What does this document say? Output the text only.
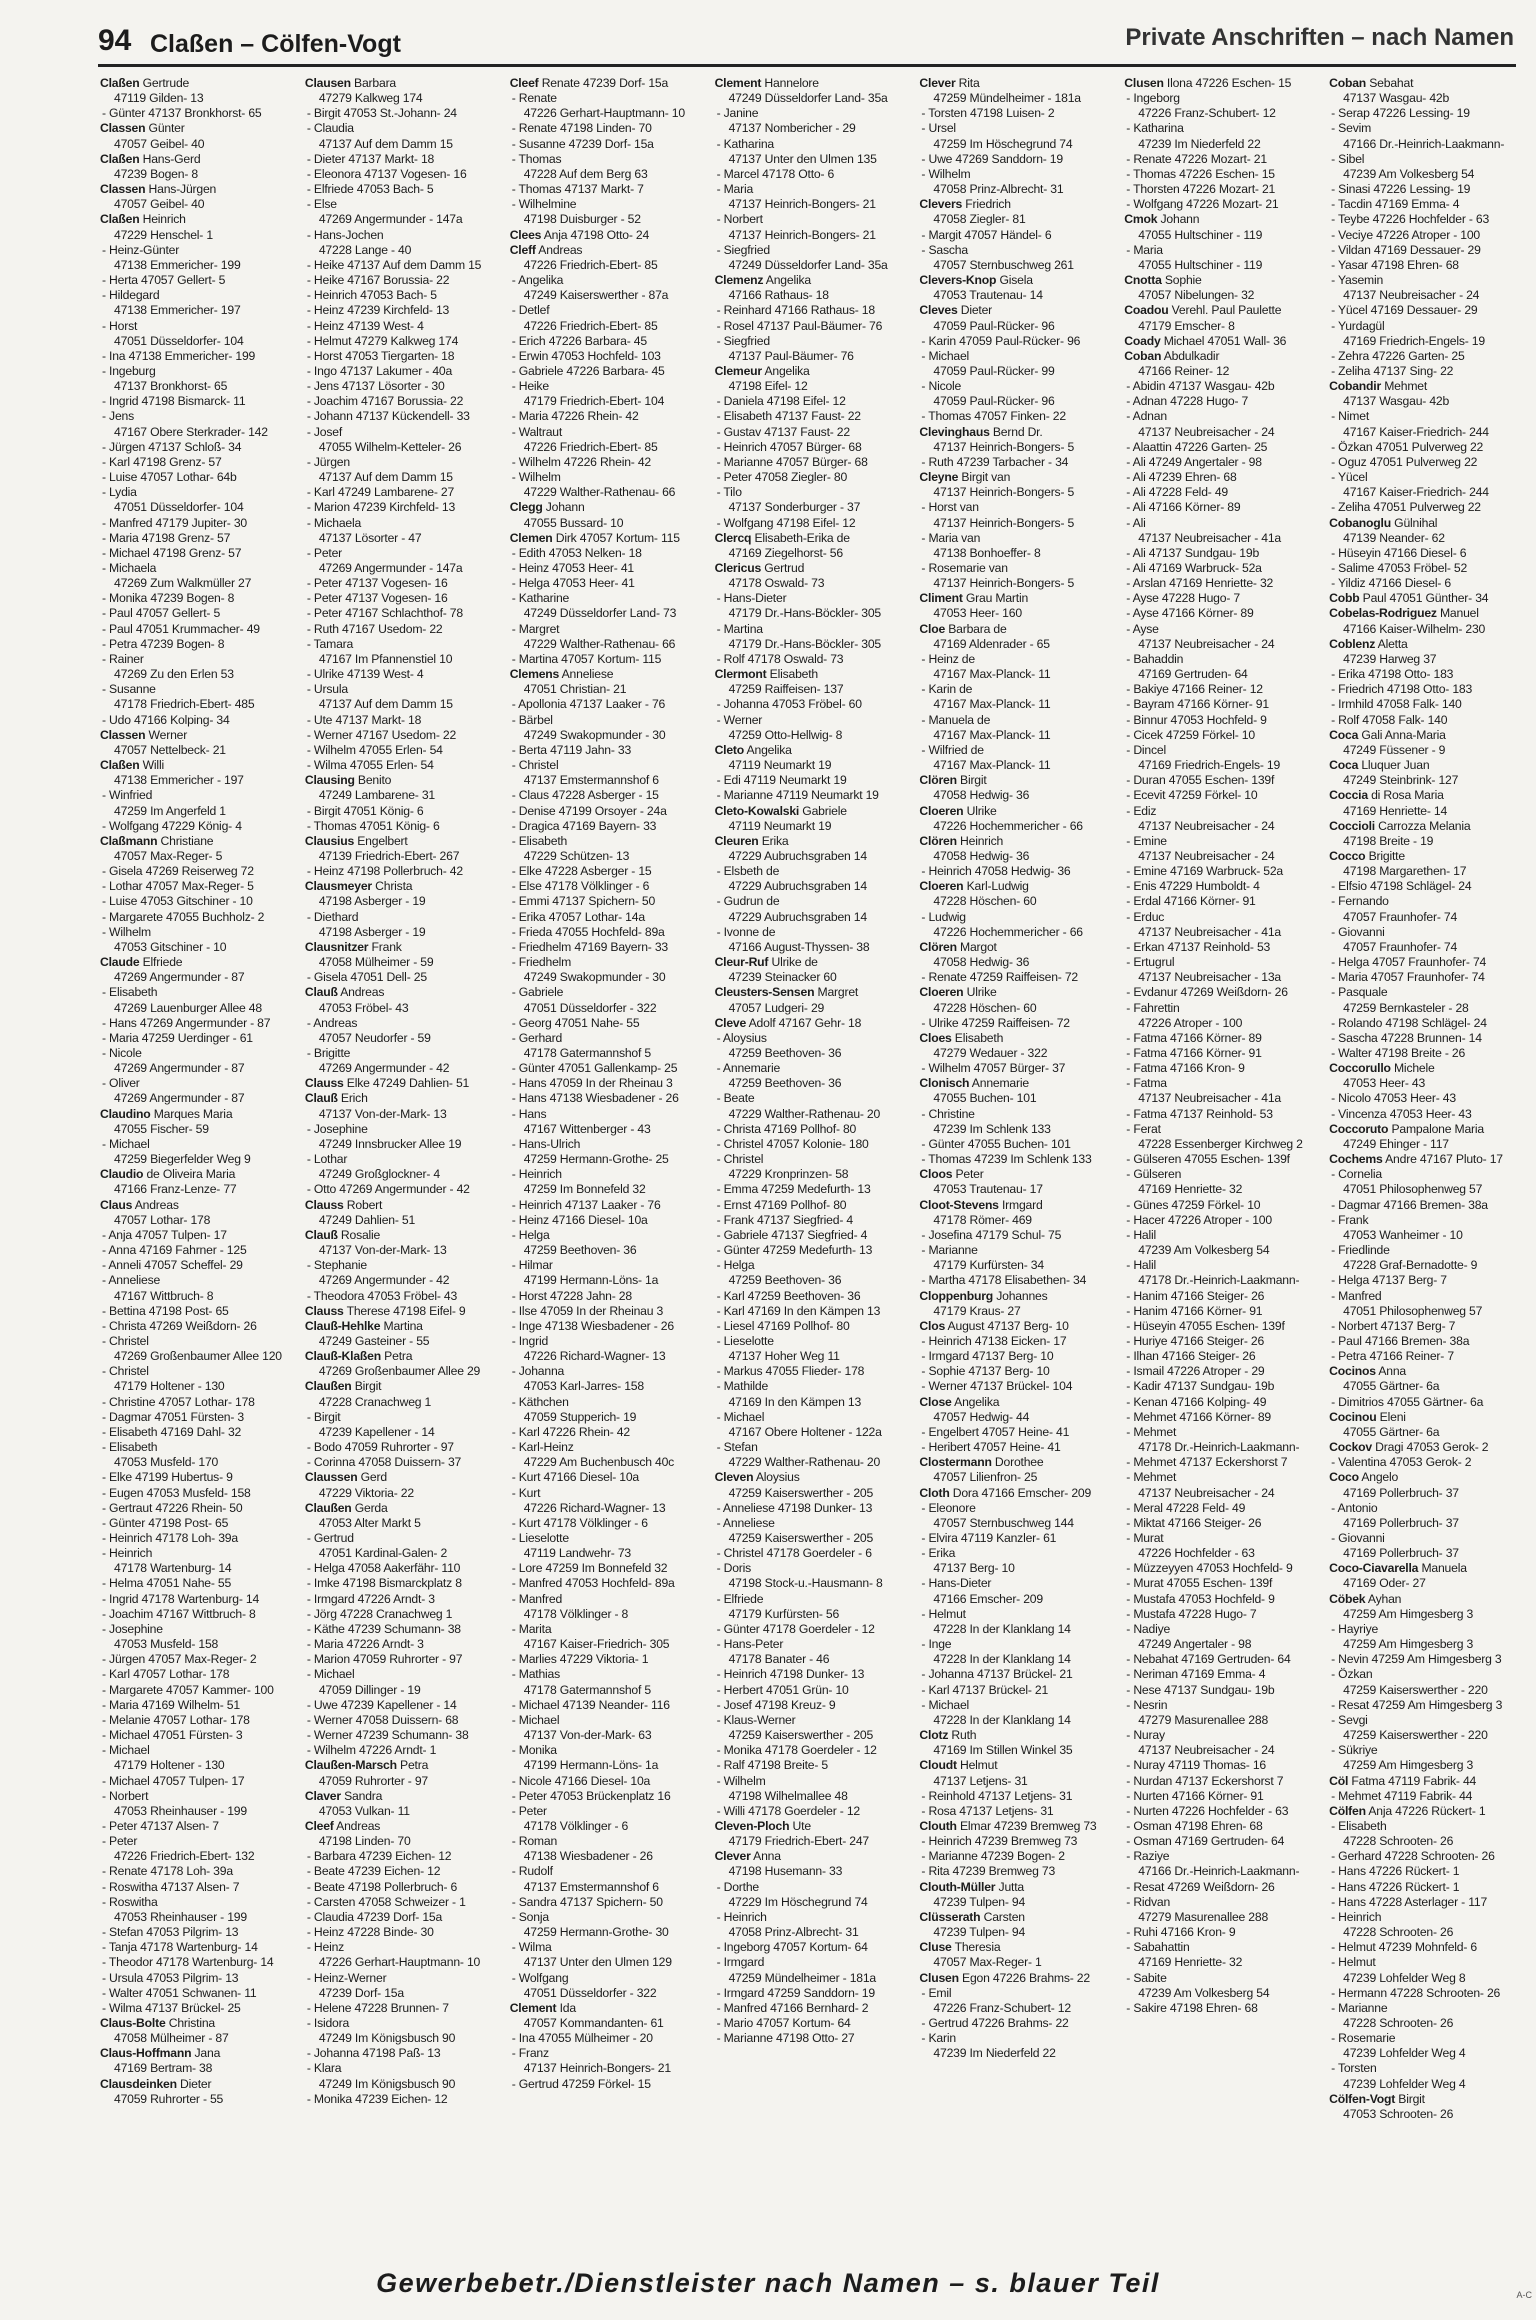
94 Claßen – Cölfen-Vogt	Private Anschriften – nach Namen
Claßen Gertrude
47119 Gilden- 13
- Günter 47137 Bronkhorst- 65
Classen Günter
47057 Geibel- 40
Claßen Hans-Gerd
47239 Bogen- 8
Classen Hans-Jürgen
47057 Geibel- 40
Claßen Heinrich
47229 Henschel- 1
- Heinz-Günter
47138 Emmericher- 199
- Herta 47057 Gellert- 5
- Hildegard
47138 Emmericher- 197
- Horst
47051 Düsseldorfer- 104
- Ina 47138 Emmericher- 199
- Ingeburg
47137 Bronkhorst- 65
- Ingrid 47198 Bismarck- 11
- Jens
47167 Obere Sterkrader- 142
- Jürgen 47137 Schloß- 34
- Karl 47198 Grenz- 57
- Luise 47057 Lothar- 64b
- Lydia
47051 Düsseldorfer- 104
- Manfred 47179 Jupiter- 30
- Maria 47198 Grenz- 57
- Michael 47198 Grenz- 57
- Michaela
47269 Zum Walkmüller 27
- Monika 47239 Bogen- 8
- Paul 47057 Gellert- 5
- Paul 47051 Krummacher- 49
- Petra 47239 Bogen- 8
- Rainer
47269 Zu den Erlen 53
- Susanne
47178 Friedrich-Ebert- 485
- Udo 47166 Kolping- 34
Classen Werner
47057 Nettelbeck- 21
Claßen Willi
47138 Emmericher - 197
- Winfried
47259 Im Angerfeld 1
- Wolfgang 47229 König- 4
Claßmann Christiane
47057 Max-Reger- 5
- Gisela 47269 Reiserweg 72
- Lothar 47057 Max-Reger- 5
- Luise 47053 Gitschiner - 10
- Margarete 47055 Buchholz- 2
- Wilhelm
47053 Gitschiner - 10
Claude Elfriede
47269 Angermunder - 87
- Elisabeth
47269 Lauenburger Allee 48
- Hans 47269 Angermunder - 87
- Maria 47259 Uerdinger - 61
- Nicole
47269 Angermunder - 87
- Oliver
47269 Angermunder - 87
Claudino Marques Maria
47055 Fischer- 59
- Michael
47259 Biegerfelder Weg 9
Claudio de Oliveira Maria
47166 Franz-Lenze- 77
Claus Andreas
47057 Lothar- 178
- Anja 47057 Tulpen- 17
- Anna 47169 Fahrner - 125
- Anneli 47057 Scheffel- 29
- Anneliese
47167 Wittbruch- 8
- Bettina 47198 Post- 65
- Christa 47269 Weißdorn- 26
- Christel
47269 Großenbaumer Allee 120
- Christel
47179 Holtener - 130
- Christine 47057 Lothar- 178
- Dagmar 47051 Fürsten- 3
- Elisabeth 47169 Dahl- 32
- Elisabeth
47053 Musfeld- 170
- Elke 47199 Hubertus- 9
- Eugen 47053 Musfeld- 158
- Gertraut 47226 Rhein- 50
- Günter 47198 Post- 65
- Heinrich 47178 Loh- 39a
- Heinrich
47178 Wartenburg- 14
- Helma 47051 Nahe- 55
- Ingrid 47178 Wartenburg- 14
- Joachim 47167 Wittbruch- 8
- Josephine
47053 Musfeld- 158
- Jürgen 47057 Max-Reger- 2
- Karl 47057 Lothar- 178
- Margarete 47057 Kammer- 100
- Maria 47169 Wilhelm- 51
- Melanie 47057 Lothar- 178
- Michael 47051 Fürsten- 3
- Michael
47179 Holtener - 130
- Michael 47057 Tulpen- 17
- Norbert
47053 Rheinhauser - 199
- Peter 47137 Alsen- 7
- Peter
47226 Friedrich-Ebert- 132
- Renate 47178 Loh- 39a
- Roswitha 47137 Alsen- 7
- Roswitha
47053 Rheinhauser - 199
- Stefan 47053 Pilgrim- 13
- Tanja 47178 Wartenburg- 14
- Theodor 47178 Wartenburg- 14
- Ursula 47053 Pilgrim- 13
- Walter 47051 Schwanen- 11
- Wilma 47137 Brückel- 25
Claus-Bolte Christina
47058 Mülheimer - 87
Claus-Hoffmann Jana
47169 Bertram- 38
Clausdeinken Dieter
47059 Ruhrorter - 55
Clausen Barbara
47279 Kalkweg 174
- Birgit 47053 St.-Johann- 24
- Claudia
47137 Auf dem Damm 15
- Dieter 47137 Markt- 18
- Eleonora 47137 Vogesen- 16
- Elfriede 47053 Bach- 5
- Else
47269 Angermunder - 147a
- Hans-Jochen
47228 Lange - 40
- Heike 47137 Auf dem Damm 15
- Heike 47167 Borussia- 22
- Heinrich 47053 Bach- 5
- Heinz 47239 Kirchfeld- 13
- Heinz 47139 West- 4
- Helmut 47279 Kalkweg 174
- Horst 47053 Tiergarten- 18
- Ingo 47137 Lakumer - 40a
- Jens 47137 Lösorter - 30
- Joachim 47167 Borussia- 22
- Johann 47137 Kückendell- 33
- Josef
47055 Wilhelm-Ketteler- 26
- Jürgen
47137 Auf dem Damm 15
- Karl 47249 Lambarene- 27
- Marion 47239 Kirchfeld- 13
- Michaela
47137 Lösorter - 47
- Peter
47269 Angermunder - 147a
- Peter 47137 Vogesen- 16
- Peter 47137 Vogesen- 16
- Peter 47167 Schlachthof- 78
- Ruth 47167 Usedom- 22
- Tamara
47167 Im Pfannenstiel 10
- Ulrike 47139 West- 4
- Ursula
47137 Auf dem Damm 15
- Ute 47137 Markt- 18
- Werner 47167 Usedom- 22
- Wilhelm 47055 Erlen- 54
- Wilma 47055 Erlen- 54
Clausing Benito
47249 Lambarene- 31
- Birgit 47051 König- 6
- Thomas 47051 König- 6
Clausius Engelbert
47139 Friedrich-Ebert- 267
- Heinz 47198 Pollerbruch- 42
Clausmeyer Christa
47198 Asberger - 19
- Diethard
47198 Asberger - 19
Clausnitzer Frank
47058 Mülheimer - 59
- Gisela 47051 Dell- 25
Clauß Andreas
47053 Fröbel- 43
- Andreas
47057 Neudorfer - 59
- Brigitte
47269 Angermunder - 42
Clauss Elke 47249 Dahlien- 51
Clauß Erich
47137 Von-der-Mark- 13
- Josephine
47249 Innsbrucker Allee 19
- Lothar
47249 Großglockner- 4
- Otto 47269 Angermunder - 42
Clauss Robert
47249 Dahlien- 51
Clauß Rosalie
47137 Von-der-Mark- 13
- Stephanie
47269 Angermunder - 42
- Theodora 47053 Fröbel- 43
Clauss Therese 47198 Eifel- 9
Clauß-Hehlke Martina
47249 Gasteiner - 55
Clauß-Klaßen Petra
47269 Großenbaumer Allee 29
Claußen Birgit
47228 Cranachweg 1
- Birgit
47239 Kapellener - 14
- Bodo 47059 Ruhrorter - 97
- Corinna 47058 Duissern- 37
Claussen Gerd
47229 Viktoria- 22
Claußen Gerda
47053 Alter Markt 5
- Gertrud
47051 Kardinal-Galen- 2
- Helga 47058 Aakerfähr- 110
- Imke 47198 Bismarckplatz 8
- Irmgard 47226 Arndt- 3
- Jörg 47228 Cranachweg 1
- Käthe 47239 Schumann- 38
- Maria 47226 Arndt- 3
- Marion 47059 Ruhrorter - 97
- Michael
47059 Dillinger - 19
- Uwe 47239 Kapellener - 14
- Werner 47058 Duissern- 68
- Werner 47239 Schumann- 38
- Wilhelm 47226 Arndt- 1
Claußen-Marsch Petra
47059 Ruhrorter - 97
Claver Sandra
47053 Vulkan- 11
Cleef Andreas
47198 Linden- 70
- Barbara 47239 Eichen- 12
- Beate 47239 Eichen- 12
- Beate 47198 Pollerbruch- 6
- Carsten 47058 Schweizer - 1
- Claudia 47239 Dorf- 15a
- Heinz 47228 Binde- 30
- Heinz
47226 Gerhart-Hauptmann- 10
- Heinz-Werner
47239 Dorf- 15a
- Helene 47228 Brunnen- 7
- Isidora
47249 Im Königsbusch 90
- Johanna 47198 Paß- 13
- Klara
47249 Im Königsbusch 90
- Monika 47239 Eichen- 12
Cleef Renate 47239 Dorf- 15a
- Renate
47226 Gerhart-Hauptmann- 10
- Renate 47198 Linden- 70
- Susanne 47239 Dorf- 15a
- Thomas
47228 Auf dem Berg 63
- Thomas 47137 Markt- 7
- Wilhelmine
47198 Duisburger - 52
Clees Anja 47198 Otto- 24
Cleff Andreas
47226 Friedrich-Ebert- 85
- Angelika
47249 Kaiserswerther - 87a
- Detlef
47226 Friedrich-Ebert- 85
- Erich 47226 Barbara- 45
- Erwin 47053 Hochfeld- 103
- Gabriele 47226 Barbara- 45
- Heike
47179 Friedrich-Ebert- 104
- Maria 47226 Rhein- 42
- Waltraut
47226 Friedrich-Ebert- 85
- Wilhelm 47226 Rhein- 42
- Wilhelm
47229 Walther-Rathenau- 66
Clegg Johann
47055 Bussard- 10
Clemen Dirk 47057 Kortum- 115
- Edith 47053 Nelken- 18
- Heinz 47053 Heer- 41
- Helga 47053 Heer- 41
- Katharine
47249 Düsseldorfer Land- 73
- Margret
47229 Walther-Rathenau- 66
- Martina 47057 Kortum- 115
Clemens Anneliese
47051 Christian- 21
- Apollonia 47137 Laaker - 76
- Bärbel
47249 Swakopmunder - 30
- Berta 47119 Jahn- 33
- Christel
47137 Emstermannshof 6
- Claus 47228 Asberger - 15
- Denise 47199 Orsoyer - 24a
- Dragica 47169 Bayern- 33
- Elisabeth
47229 Schützen- 13
- Elke 47228 Asberger - 15
- Else 47178 Völklinger - 6
- Emmi 47137 Spichern- 50
- Erika 47057 Lothar- 14a
- Frieda 47055 Hochfeld- 89a
- Friedhelm 47169 Bayern- 33
- Friedhelm
47249 Swakopmunder - 30
- Gabriele
47051 Düsseldorfer - 322
- Georg 47051 Nahe- 55
- Gerhard
47178 Gatermannshof 5
- Günter 47051 Gallenkamp- 25
- Hans 47059 In der Rheinau 3
- Hans 47138 Wiesbadener - 26
- Hans
47167 Wittenberger - 43
- Hans-Ulrich
47259 Hermann-Grothe- 25
- Heinrich
47259 Im Bonnefeld 32
- Heinrich 47137 Laaker - 76
- Heinz 47166 Diesel- 10a
- Helga
47259 Beethoven- 36
- Hilmar
47199 Hermann-Löns- 1a
- Horst 47228 Jahn- 28
- Ilse 47059 In der Rheinau 3
- Inge 47138 Wiesbadener - 26
- Ingrid
47226 Richard-Wagner- 13
- Johanna
47053 Karl-Jarres- 158
- Käthchen
47059 Stupperich- 19
- Karl 47226 Rhein- 42
- Karl-Heinz
47229 Am Buchenbusch 40c
- Kurt 47166 Diesel- 10a
- Kurt
47226 Richard-Wagner- 13
- Kurt 47178 Völklinger - 6
- Lieselotte
47119 Landwehr- 73
- Lore 47259 Im Bonnefeld 32
- Manfred 47053 Hochfeld- 89a
- Manfred
47178 Völklinger - 8
- Marita
47167 Kaiser-Friedrich- 305
- Marlies 47229 Viktoria- 1
- Mathias
47178 Gatermannshof 5
- Michael 47139 Neander- 116
- Michael
47137 Von-der-Mark- 63
- Monika
47199 Hermann-Löns- 1a
- Nicole 47166 Diesel- 10a
- Peter 47053 Brückenplatz 16
- Peter
47178 Völklinger - 6
- Roman
47138 Wiesbadener - 26
- Rudolf
47137 Emstermannshof 6
- Sandra 47137 Spichern- 50
- Sonja
47259 Hermann-Grothe- 30
- Wilma
47137 Unter den Ulmen 129
- Wolfgang
47051 Düsseldorfer - 322
Clement Ida
47057 Kommandanten- 61
- Ina 47055 Mülheimer - 20
- Franz
47137 Heinrich-Bongers- 21
- Gertrud 47259 Förkel- 15
Clement Hannelore
47249 Düsseldorfer Land- 35a
- Janine
47137 Nombericher - 29
- Katharina
47137 Unter den Ulmen 135
- Marcel 47178 Otto- 6
- Maria
47137 Heinrich-Bongers- 21
- Norbert
47137 Heinrich-Bongers- 21
- Siegfried
47249 Düsseldorfer Land- 35a
Clemenz Angelika
47166 Rathaus- 18
- Reinhard 47166 Rathaus- 18
- Rosel 47137 Paul-Bäumer- 76
- Siegfried
47137 Paul-Bäumer- 76
Clemeur Angelika
47198 Eifel- 12
- Daniela 47198 Eifel- 12
- Elisabeth 47137 Faust- 22
- Gustav 47137 Faust- 22
- Heinrich 47057 Bürger- 68
- Marianne 47057 Bürger- 68
- Peter 47058 Ziegler- 80
- Tilo
47137 Sonderburger - 37
- Wolfgang 47198 Eifel- 12
Clercq Elisabeth-Erika de
47169 Ziegelhorst- 56
Clericus Gertrud
47178 Oswald- 73
- Hans-Dieter
47179 Dr.-Hans-Böckler- 305
- Martina
47179 Dr.-Hans-Böckler- 305
- Rolf 47178 Oswald- 73
Clermont Elisabeth
47259 Raiffeisen- 137
- Johanna 47053 Fröbel- 60
- Werner
47259 Otto-Hellwig- 8
Cleto Angelika
47119 Neumarkt 19
- Edi 47119 Neumarkt 19
- Marianne 47119 Neumarkt 19
Cleto-Kowalski Gabriele
47119 Neumarkt 19
Cleuren Erika
47229 Aubruchsgraben 14
- Elsbeth de
47229 Aubruchsgraben 14
- Gudrun de
47229 Aubruchsgraben 14
- Ivonne de
47166 August-Thyssen- 38
Cleur-Ruf Ulrike de
47239 Steinacker 60
Cleusters-Sensen Margret
47057 Ludgeri- 29
Cleve Adolf 47167 Gehr- 18
- Aloysius
47259 Beethoven- 36
- Annemarie
47259 Beethoven- 36
- Beate
47229 Walther-Rathenau- 20
- Christa 47169 Pollhof- 80
- Christel 47057 Kolonie- 180
- Christel
47229 Kronprinzen- 58
- Emma 47259 Medefurth- 13
- Ernst 47169 Pollhof- 80
- Frank 47137 Siegfried- 4
- Gabriele 47137 Siegfried- 4
- Günter 47259 Medefurth- 13
- Helga
47259 Beethoven- 36
- Karl 47259 Beethoven- 36
- Karl 47169 In den Kämpen 13
- Liesel 47169 Pollhof- 80
- Lieselotte
47137 Hoher Weg 11
- Markus 47055 Flieder- 178
- Mathilde
47169 In den Kämpen 13
- Michael
47167 Obere Holtener - 122a
- Stefan
47229 Walther-Rathenau- 20
Cleven Aloysius
47259 Kaiserswerther - 205
- Anneliese 47198 Dunker- 13
- Anneliese
47259 Kaiserswerther - 205
- Christel 47178 Goerdeler - 6
- Doris
47198 Stock-u.-Hausmann- 8
- Elfriede
47179 Kurfürsten- 56
- Günter 47178 Goerdeler - 12
- Hans-Peter
47178 Banater - 46
- Heinrich 47198 Dunker- 13
- Herbert 47051 Grün- 10
- Josef 47198 Kreuz- 9
- Klaus-Werner
47259 Kaiserswerther - 205
- Monika 47178 Goerdeler - 12
- Ralf 47198 Breite- 5
- Wilhelm
47198 Wilhelmallee 48
- Willi 47178 Goerdeler - 12
Cleven-Ploch Ute
47179 Friedrich-Ebert- 247
Clever Anna
47198 Husemann- 33
- Dorthe
47229 Im Höschegrund 74
- Heinrich
47058 Prinz-Albrecht- 31
- Ingeborg 47057 Kortum- 64
- Irmgard
47259 Mündelheimer - 181a
- Irmgard 47259 Sanddorn- 19
- Manfred 47166 Bernhard- 2
- Mario 47057 Kortum- 64
- Marianne 47198 Otto- 27
Clever Rita
47259 Mündelheimer - 181a
- Torsten 47198 Luisen- 2
- Ursel
47259 Im Höschegrund 74
- Uwe 47269 Sanddorn- 19
- Wilhelm
47058 Prinz-Albrecht- 31
Clevers Friedrich
47058 Ziegler- 81
- Margit 47057 Händel- 6
- Sascha
47057 Sternbuschweg 261
Clevers-Knop Gisela
47053 Trautenau- 14
Cleves Dieter
47059 Paul-Rücker- 96
- Karin 47059 Paul-Rücker- 96
- Michael
47059 Paul-Rücker- 99
- Nicole
47059 Paul-Rücker- 96
- Thomas 47057 Finken- 22
Clevinghaus Bernd Dr.
47137 Heinrich-Bongers- 5
- Ruth 47239 Tarbacher - 34
Cleyne Birgit van
47137 Heinrich-Bongers- 5
- Horst van
47137 Heinrich-Bongers- 5
- Maria van
47138 Bonhoeffer- 8
- Rosemarie van
47137 Heinrich-Bongers- 5
Climent Grau Martin
47053 Heer- 160
Cloe Barbara de
47169 Aldenrader - 65
- Heinz de
47167 Max-Planck- 11
- Karin de
47167 Max-Planck- 11
- Manuela de
47167 Max-Planck- 11
- Wilfried de
47167 Max-Planck- 11
Clören Birgit
47058 Hedwig- 36
Cloeren Ulrike
47226 Hochemmericher - 66
Clören Heinrich
47058 Hedwig- 36
- Heinrich 47058 Hedwig- 36
Cloeren Karl-Ludwig
47228 Höschen- 60
- Ludwig
47226 Hochemmericher - 66
Clören Margot
47058 Hedwig- 36
- Renate 47259 Raiffeisen- 72
Cloeren Ulrike
47228 Höschen- 60
- Ulrike 47259 Raiffeisen- 72
Cloes Elisabeth
47279 Wedauer - 322
- Wilhelm 47057 Bürger- 37
Clonisch Annemarie
47055 Buchen- 101
- Christine
47239 Im Schlenk 133
- Günter 47055 Buchen- 101
- Thomas 47239 Im Schlenk 133
Cloos Peter
47053 Trautenau- 17
Cloot-Stevens Irmgard
47178 Römer- 469
- Josefina 47179 Schul- 75
- Marianne
47179 Kurfürsten- 34
- Martha 47178 Elisabethen- 34
Cloppenburg Johannes
47179 Kraus- 27
Clos August 47137 Berg- 10
- Heinrich 47138 Eicken- 17
- Irmgard 47137 Berg- 10
- Sophie 47137 Berg- 10
- Werner 47137 Brückel- 104
Close Angelika
47057 Hedwig- 44
- Engelbert 47057 Heine- 41
- Heribert 47057 Heine- 41
Clostermann Dorothee
47057 Lilienfron- 25
Cloth Dora 47166 Emscher- 209
- Eleonore
47057 Sternbuschweg 144
- Elvira 47119 Kanzler- 61
- Erika
47137 Berg- 10
- Hans-Dieter
47166 Emscher- 209
- Helmut
47228 In der Klanklang 14
- Inge
47228 In der Klanklang 14
- Johanna 47137 Brückel- 21
- Karl 47137 Brückel- 21
- Michael
47228 In der Klanklang 14
Clotz Ruth
47169 Im Stillen Winkel 35
Cloudt Helmut
47137 Letjens- 31
- Reinhold 47137 Letjens- 31
- Rosa 47137 Letjens- 31
Clouth Elmar 47239 Bremweg 73
- Heinrich 47239 Bremweg 73
- Marianne 47239 Bogen- 2
- Rita 47239 Bremweg 73
Clouth-Müller Jutta
47239 Tulpen- 94
Clüsserath Carsten
47239 Tulpen- 94
Cluse Theresia
47057 Max-Reger- 1
Clusen Egon 47226 Brahms- 22
- Emil
47226 Franz-Schubert- 12
- Gertrud 47226 Brahms- 22
- Karin
47239 Im Niederfeld 22
Clusen Ilona 47226 Eschen- 15
- Ingeborg
47226 Franz-Schubert- 12
- Katharina
47239 Im Niederfeld 22
- Renate 47226 Mozart- 21
- Thomas 47226 Eschen- 15
- Thorsten 47226 Mozart- 21
- Wolfgang 47226 Mozart- 21
Cmok Johann
47055 Hultschiner - 119
- Maria
47055 Hultschiner - 119
Cnotta Sophie
47057 Nibelungen- 32
Coadou Verehl. Paul Paulette
47179 Emscher- 8
Coady Michael 47051 Wall- 36
Coban Abdulkadir
47166 Reiner- 12
- Abidin 47137 Wasgau- 42b
- Adnan 47228 Hugo- 7
- Adnan
47137 Neubreisacher - 24
- Alaattin 47226 Garten- 25
- Ali 47249 Angertaler - 98
- Ali 47239 Ehren- 68
- Ali 47228 Feld- 49
- Ali 47166 Körner- 89
- Ali
47137 Neubreisacher - 41a
- Ali 47137 Sundgau- 19b
- Ali 47169 Warbruck- 52a
- Arslan 47169 Henriette- 32
- Ayse 47228 Hugo- 7
- Ayse 47166 Körner- 89
- Ayse
47137 Neubreisacher - 24
- Bahaddin
47169 Gertruden- 64
- Bakiye 47166 Reiner- 12
- Bayram 47166 Körner- 91
- Binnur 47053 Hochfeld- 9
- Cicek 47259 Förkel- 10
- Dincel
47169 Friedrich-Engels- 19
- Duran 47055 Eschen- 139f
- Ecevit 47259 Förkel- 10
- Ediz
47137 Neubreisacher - 24
- Emine
47137 Neubreisacher - 24
- Emine 47169 Warbruck- 52a
- Enis 47229 Humboldt- 4
- Erdal 47166 Körner- 91
- Erduc
47137 Neubreisacher - 41a
- Erkan 47137 Reinhold- 53
- Ertugrul
47137 Neubreisacher - 13a
- Evdanur 47269 Weißdorn- 26
- Fahrettin
47226 Atroper - 100
- Fatma 47166 Körner- 89
- Fatma 47166 Körner- 91
- Fatma 47166 Kron- 9
- Fatma
47137 Neubreisacher - 41a
- Fatma 47137 Reinhold- 53
- Ferat
47228 Essenberger Kirchweg 2
- Gülseren 47055 Eschen- 139f
- Gülseren
47169 Henriette- 32
- Günes 47259 Förkel- 10
- Hacer 47226 Atroper - 100
- Halil
47239 Am Volkesberg 54
- Halil
47178 Dr.-Heinrich-Laakmann-
- Hanim 47166 Steiger- 26
- Hanim 47166 Körner- 91
- Hüseyin 47055 Eschen- 139f
- Huriye 47166 Steiger- 26
- Ilhan 47166 Steiger- 26
- Ismail 47226 Atroper - 29
- Kadir 47137 Sundgau- 19b
- Kenan 47166 Kolping- 49
- Mehmet 47166 Körner- 89
- Mehmet
47178 Dr.-Heinrich-Laakmann-
- Mehmet 47137 Eckershorst 7
- Mehmet
47137 Neubreisacher - 24
- Meral 47228 Feld- 49
- Miktat 47166 Steiger- 26
- Murat
47226 Hochfelder - 63
- Müzzeyyen 47053 Hochfeld- 9
- Murat 47055 Eschen- 139f
- Mustafa 47053 Hochfeld- 9
- Mustafa 47228 Hugo- 7
- Nadiye
47249 Angertaler - 98
- Nebahat 47169 Gertruden- 64
- Neriman 47169 Emma- 4
- Nese 47137 Sundgau- 19b
- Nesrin
47279 Masurenallee 288
- Nuray
47137 Neubreisacher - 24
- Nuray 47119 Thomas- 16
- Nurdan 47137 Eckershorst 7
- Nurten 47166 Körner- 91
- Nurten 47226 Hochfelder - 63
- Osman 47198 Ehren- 68
- Osman 47169 Gertruden- 64
- Raziye
47166 Dr.-Heinrich-Laakmann-
- Resat 47269 Weißdorn- 26
- Ridvan
47279 Masurenallee 288
- Ruhi 47166 Kron- 9
- Sabahattin
47169 Henriette- 32
- Sabite
47239 Am Volkesberg 54
- Sakire 47198 Ehren- 68
Coban Sebahat
47137 Wasgau- 42b
- Serap 47226 Lessing- 19
- Sevim
47166 Dr.-Heinrich-Laakmann-
- Sibel
47239 Am Volkesberg 54
- Sinasi 47226 Lessing- 19
- Tacdin 47169 Emma- 4
- Teybe 47226 Hochfelder - 63
- Veciye 47226 Atroper - 100
- Vildan 47169 Dessauer- 29
- Yasar 47198 Ehren- 68
- Yasemin
47137 Neubreisacher - 24
- Yücel 47169 Dessauer- 29
- Yurdagül
47169 Friedrich-Engels- 19
- Zehra 47226 Garten- 25
- Zeliha 47137 Sing- 22
Cobandir Mehmet
47137 Wasgau- 42b
- Nimet
47167 Kaiser-Friedrich- 244
- Özkan 47051 Pulverweg 22
- Oguz 47051 Pulverweg 22
- Yücel
47167 Kaiser-Friedrich- 244
- Zeliha 47051 Pulverweg 22
Cobanoglu Gülnihal
47139 Neander- 62
- Hüseyin 47166 Diesel- 6
- Salime 47053 Fröbel- 52
- Yildiz 47166 Diesel- 6
Cobb Paul 47051 Günther- 34
Cobelas-Rodriguez Manuel
47166 Kaiser-Wilhelm- 230
Coblenz Aletta
47239 Harweg 37
- Erika 47198 Otto- 183
- Friedrich 47198 Otto- 183
- Irmhild 47058 Falk- 140
- Rolf 47058 Falk- 140
Coca Gali Anna-Maria
47249 Füssener - 9
Coca Lluquer Juan
47249 Steinbrink- 127
Coccia di Rosa Maria
47169 Henriette- 14
Coccioli Carrozza Melania
47198 Breite - 19
Cocco Brigitte
47198 Margarethen- 17
- Elfsio 47198 Schlägel- 24
- Fernando
47057 Fraunhofer- 74
- Giovanni
47057 Fraunhofer- 74
- Helga 47057 Fraunhofer- 74
- Maria 47057 Fraunhofer- 74
- Pasquale
47259 Bernkasteler - 28
- Rolando 47198 Schlägel- 24
- Sascha 47228 Brunnen- 14
- Walter 47198 Breite - 26
Coccorullo Michele
47053 Heer- 43
- Nicolo 47053 Heer- 43
- Vincenza 47053 Heer- 43
Coccoruto Pampalone Maria
47249 Ehinger - 117
Cochems Andre 47167 Pluto- 17
- Cornelia
47051 Philosophenweg 57
- Dagmar 47166 Bremen- 38a
- Frank
47053 Wanheimer - 10
- Friedlinde
47228 Graf-Bernadotte- 9
- Helga 47137 Berg- 7
- Manfred
47051 Philosophenweg 57
- Norbert 47137 Berg- 7
- Paul 47166 Bremen- 38a
- Petra 47166 Reiner- 7
Cocinos Anna
47055 Gärtner- 6a
- Dimitrios 47055 Gärtner- 6a
Cocinou Eleni
47055 Gärtner- 6a
Cockov Dragi 47053 Gerok- 2
- Valentina 47053 Gerok- 2
Coco Angelo
47169 Pollerbruch- 37
- Antonio
47169 Pollerbruch- 37
- Giovanni
47169 Pollerbruch- 37
Coco-Ciavarella Manuela
47169 Oder- 27
Cöbek Ayhan
47259 Am Himgesberg 3
- Hayriye
47259 Am Himgesberg 3
- Nevin 47259 Am Himgesberg 3
- Özkan
47259 Kaiserswerther - 220
- Resat 47259 Am Himgesberg 3
- Sevgi
47259 Kaiserswerther - 220
- Sükriye
47259 Am Himgesberg 3
Cöl Fatma 47119 Fabrik- 44
- Mehmet 47119 Fabrik- 44
Cölfen Anja 47226 Rückert- 1
- Elisabeth
47228 Schrooten- 26
- Gerhard 47228 Schrooten- 26
- Hans 47226 Rückert- 1
- Hans 47226 Rückert- 1
- Hans 47228 Asterlager - 117
- Heinrich
47228 Schrooten- 26
- Helmut 47239 Mohnfeld- 6
- Helmut
47239 Lohfelder Weg 8
- Hermann 47228 Schrooten- 26
- Marianne
47228 Schrooten- 26
- Rosemarie
47239 Lohfelder Weg 4
- Torsten
47239 Lohfelder Weg 4
Cölfen-Vogt Birgit
47053 Schrooten- 26
Gewerbebetr./Dienstleister nach Namen – s. blauer Teil	A-C
